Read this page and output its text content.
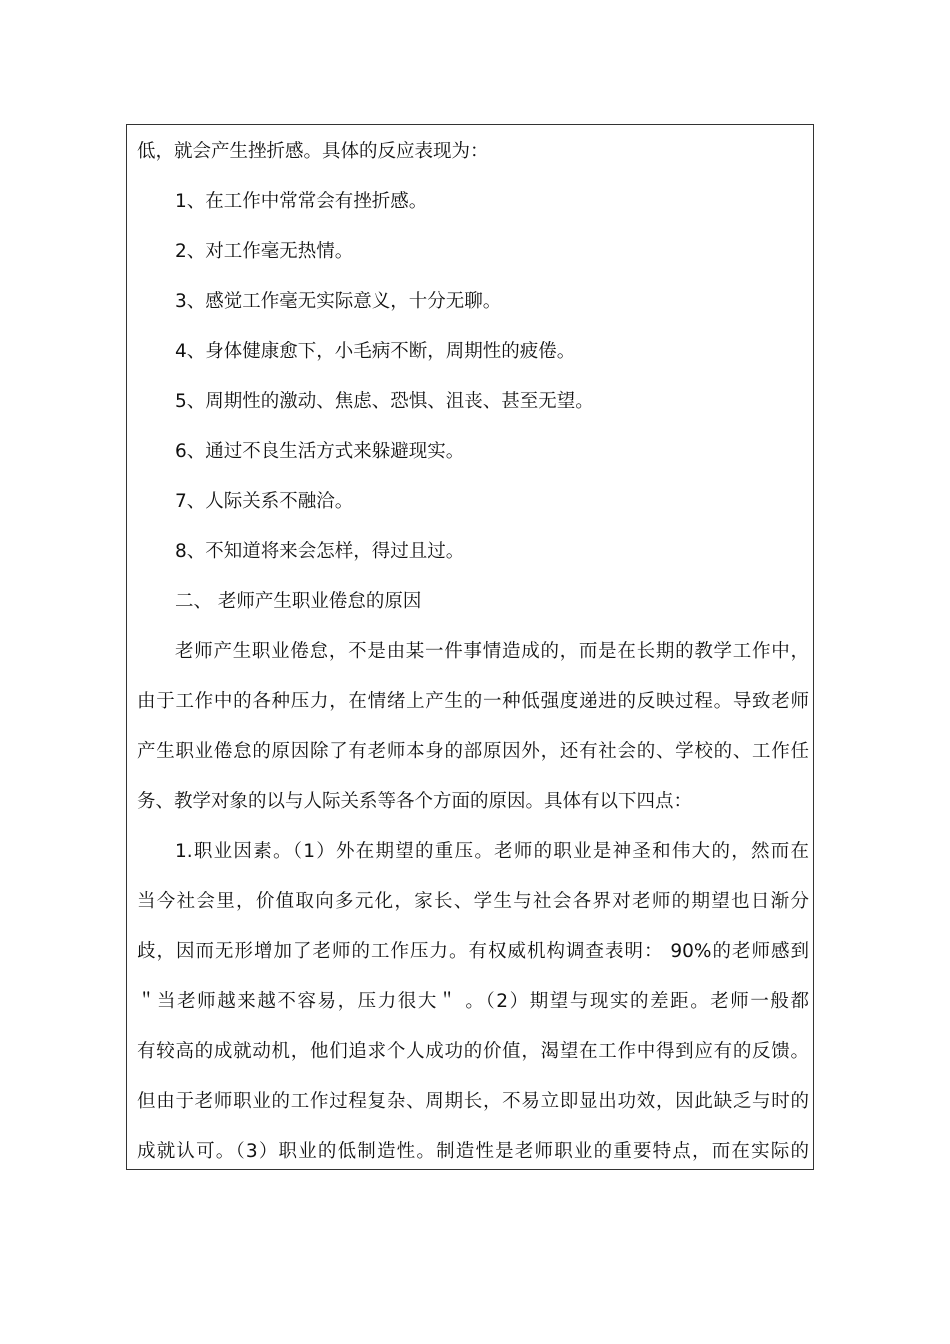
低，就会产生挫折感。具体的反应表现为：
1、在工作中常常会有挫折感。
2、对工作毫无热情。
3、感觉工作毫无实际意义，十分无聊。
4、身体健康愈下，小毛病不断，周期性的疲倦。
5、周期性的激动、焦虑、恐惧、沮丧、甚至无望。
6、通过不良生活方式来躲避现实。
7、人际关系不融洽。
8、不知道将来会怎样，得过且过。
二、 老师产生职业倦怠的原因
老师产生职业倦怠，不是由某一件事情造成的，而是在长期的教学工作中，
由于工作中的各种压力，在情绪上产生的一种低强度递进的反映过程。导致老师
产生职业倦怠的原因除了有老师本身的部原因外，还有社会的、学校的、工作任
务、教学对象的以与人际关系等各个方面的原因。具体有以下四点：
1.职业因素。（1）外在期望的重压。老师的职业是神圣和伟大的，然而在
当今社会里，价值取向多元化，家长、学生与社会各界对老师的期望也日渐分
歧，因而无形增加了老师的工作压力。有权威机构调查表明： 90%的老师感到
＂当老师越来越不容易，压力很大＂ 。（2）期望与现实的差距。老师一般都
有较高的成就动机，他们追求个人成功的价值，渴望在工作中得到应有的反馈。
但由于老师职业的工作过程复杂、周期长，不易立即显出功效，因此缺乏与时的
成就认可。（3）职业的低制造性。制造性是老师职业的重要特点，而在实际的
